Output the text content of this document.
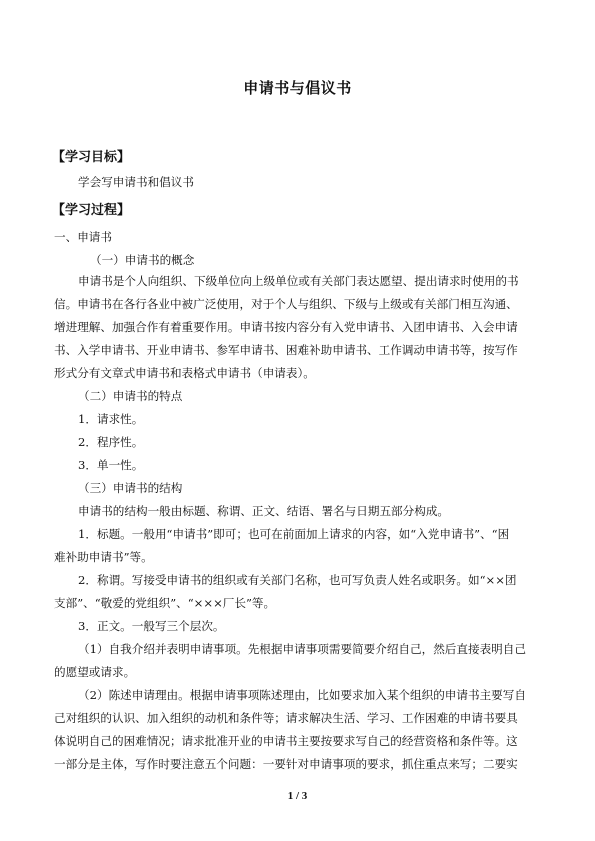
申请书与倡议书
【学习目标】
学会写申请书和倡议书
【学习过程】
一、申请书
（一）申请书的概念
申请书是个人向组织、下级单位向上级单位或有关部门表达愿望、提出请求时使用的书
信。申请书在各行各业中被广泛使用，对于个人与组织、下级与上级或有关部门相互沟通、
增进理解、加强合作有着重要作用。申请书按内容分有入党申请书、入团申请书、入会申请
书、入学申请书、开业申请书、参军申请书、困难补助申请书、工作调动申请书等，按写作
形式分有文章式申请书和表格式申请书（申请表）。
（二）申请书的特点
1．请求性。
2．程序性。
3．单一性。
（三）申请书的结构
申请书的结构一般由标题、称谓、正文、结语、署名与日期五部分构成。
1．标题。一般用“申请书”即可；也可在前面加上请求的内容，如“入党申请书”、“困
难补助申请书”等。
2．称谓。写接受申请书的组织或有关部门名称，也可写负责人姓名或职务。如“××团
支部”、“敬爱的党组织”、“×××厂长”等。
3．正文。一般写三个层次。
（1）自我介绍并表明申请事项。先根据申请事项需要简要介绍自己，然后直接表明自己
的愿望或请求。
（2）陈述申请理由。根据申请事项陈述理由，比如要求加入某个组织的申请书主要写自
己对组织的认识、加入组织的动机和条件等；请求解决生活、学习、工作困难的申请书要具
体说明自己的困难情况；请求批准开业的申请书主要按要求写自己的经营资格和条件等。这
一部分是主体，写作时要注意五个问题：一要针对申请事项的要求，抓住重点来写；二要实
1 / 3
